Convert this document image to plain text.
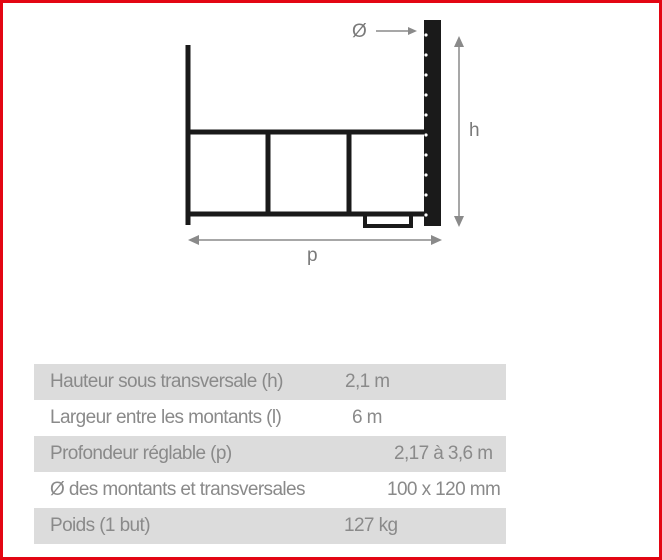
Ø
h
p
Hauteur sous transversale (h)	2,1 m
Largeur entre les montants (l)	6 m
Profondeur réglable (p)	2,17 à 3,6 m
Ø des montants et transversales	100 x 120 mm
Poids (1 but)	127 kg
